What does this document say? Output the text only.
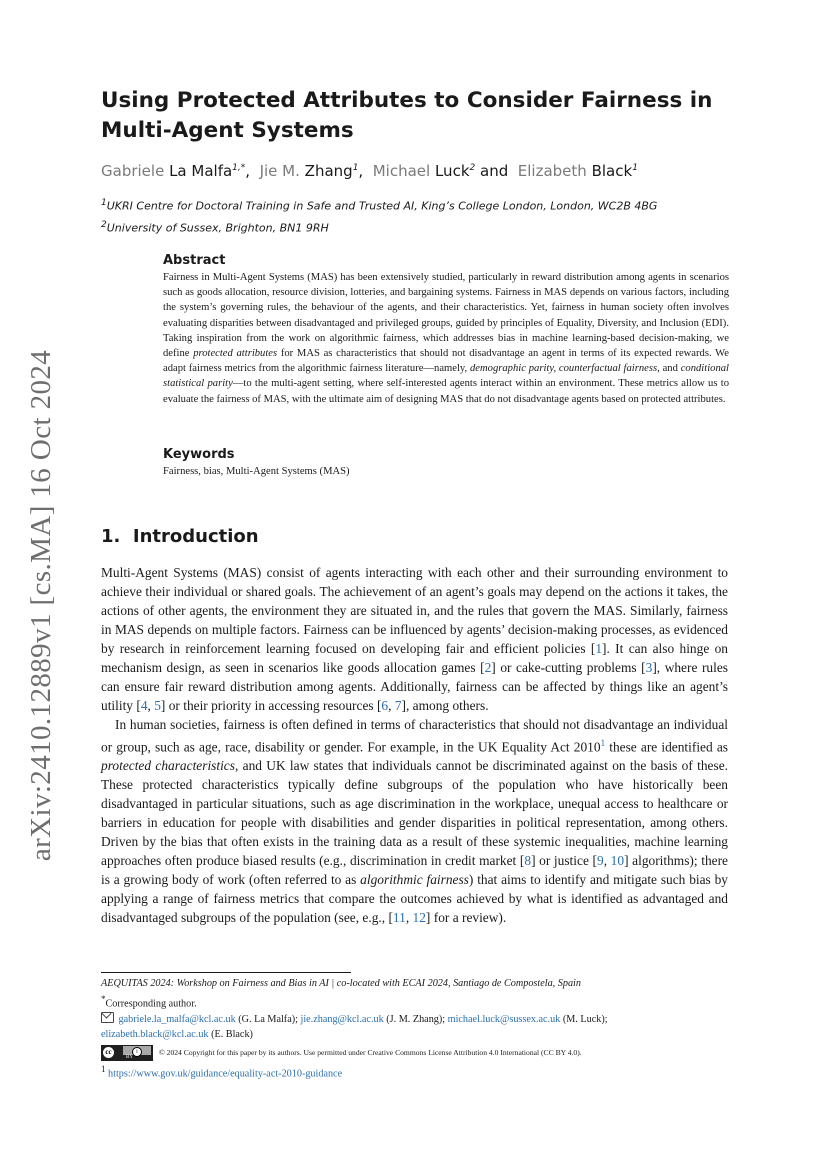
arXiv:2410.12889v1 [cs.MA] 16 Oct 2024
Using Protected Attributes to Consider Fairness in Multi-Agent Systems
Gabriele La Malfa$^{1,*}$,  Jie M. Zhang$^1$,  Michael Luck$^2$ and  Elizabeth Black$^1$
$^1$UKRI Centre for Doctoral Training in Safe and Trusted AI, King’s College London, London, WC2B 4BG
$^2$University of Sussex, Brighton, BN1 9RH
Abstract
Fairness in Multi-Agent Systems (MAS) has been extensively studied, particularly in reward distribution among agents in scenarios such as goods allocation, resource division, lotteries, and bargaining systems. Fairness in MAS depends on various factors, including the system’s governing rules, the behaviour of the agents, and their characteristics. Yet, fairness in human society often involves evaluating disparities between disadvantaged and privileged groups, guided by principles of Equality, Diversity, and Inclusion (EDI). Taking inspiration from the work on algorithmic fairness, which addresses bias in machine learning-based decision-making, we define protected attributes for MAS as characteristics that should not disadvantage an agent in terms of its expected rewards. We adapt fairness metrics from the algorithmic fairness literature—namely, demographic parity, counterfactual fairness, and conditional statistical parity—to the multi-agent setting, where self-interested agents interact within an environment. These metrics allow us to evaluate the fairness of MAS, with the ultimate aim of designing MAS that do not disadvantage agents based on protected attributes.
Keywords
Fairness, bias, Multi-Agent Systems (MAS)
1. Introduction

Multi-Agent Systems (MAS) consist of agents interacting with each other and their surrounding environment to achieve their individual or shared goals. The achievement of an agent’s goals may depend on the actions it takes, the actions of other agents, the environment they are situated in, and the rules that govern the MAS. Similarly, fairness in MAS depends on multiple factors. Fairness can be influenced by agents’ decision-making processes, as evidenced by research in reinforcement learning focused on developing fair and efficient policies [1]. It can also hinge on mechanism design, as seen in scenarios like goods allocation games [2] or cake-cutting problems [3], where rules can ensure fair reward distribution among agents. Additionally, fairness can be affected by things like an agent’s utility [4, 5] or their priority in accessing resources [6, 7], among others.

In human societies, fairness is often defined in terms of characteristics that should not disadvantage an individual or group, such as age, race, disability or gender. For example, in the UK Equality Act 2010$^1$ these are identified as protected characteristics, and UK law states that individuals cannot be discriminated against on the basis of these. These protected characteristics typically define subgroups of the population who have historically been disadvantaged in particular situations, such as age discrimination in the workplace, unequal access to healthcare or barriers in education for people with disabilities and gender disparities in political representation, among others. Driven by the bias that often exists in the training data as a result of these systemic inequalities, machine learning approaches often produce biased results (e.g., discrimination in credit market [8] or justice [9, 10] algorithms); there is a growing body of work (often referred to as algorithmic fairness) that aims to identify and mitigate such bias by applying a range of fairness metrics that compare the outcomes achieved by what is identified as advantaged and disadvantaged subgroups of the population (see, e.g., [11, 12] for a review).

AEQUITAS 2024: Workshop on Fairness and Bias in AI | co-located with ECAI 2024, Santiago de Compostela, Spain
*Corresponding author.
gabriele.la_malfa@kcl.ac.uk (G. La Malfa); jie.zhang@kcl.ac.uk (J. M. Zhang); michael.luck@sussex.ac.uk (M. Luck);
elizabeth.black@kcl.ac.uk (E. Black)
cc	i
BY
© 2024 Copyright for this paper by its authors. Use permitted under Creative Commons License Attribution 4.0 International (CC BY 4.0).
$^1$ https://www.gov.uk/guidance/equality-act-2010-guidance
